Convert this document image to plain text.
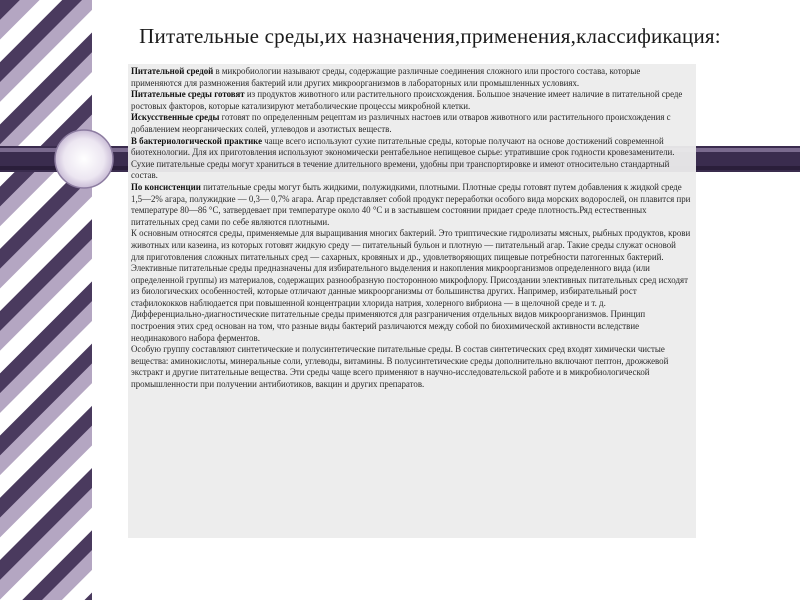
Питательные среды,их назначения,применения,классификация:

Питательной средой в микробиологии называют среды, содержащие различные соединения сложного или простого состава, которые применяются для размножения бактерий или других микроорганизмов в лабораторных или промышленных условиях.

Питательные среды готовят из продуктов животного или растительного происхождения. Большое значение имеет наличие в питательной среде ростовых факторов, которые катализируют метаболические процессы микробной клетки.

Искусственные среды готовят по определенным рецептам из различных настоев или отваров животного или растительного происхождения с добавлением неорганических солей, углеводов и азотистых веществ.

В бактериологической практике чаще всего используют сухие питательные среды, которые получают на основе достижений современной биотехнологии. Для их приготовления используют экономически рентабельное непищевое сырье: утратившие срок годности кровезаменители. Сухие питательные среды могут храниться в течение длительного времени, удобны при транспортировке и имеют относительно стандартный состав.

По консистенции питательные среды могут быть жидкими, полужидкими, плотными. Плотные среды готовят путем добавления к жидкой среде 1,5—2% агара, полужидкие — 0,3— 0,7% агара. Агар представляет собой продукт переработки особого вида морских водорослей, он плавится при температуре 80—86 °С, затвердевает при температуре около 40 °С и в застывшем состоянии придает среде плотность.Ряд естественных питательных сред сами по себе являются плотными.

К основным относятся среды, применяемые для выращивания многих бактерий. Это триптические гидролизаты мясных, рыбных продуктов, крови животных или казеина, из которых готовят жидкую среду — питательный бульон и плотную — питательный агар. Такие среды служат основой для приготовления сложных питательных сред — сахарных, кровяных и др., удовлетворяющих пищевые потребности патогенных бактерий.

Элективные питательные среды предназначены для избирательного выделения и накопления микроорганизмов определенного вида (или определенной группы) из материалов, содержащих разнообразную посторонною микрофлору. Присоздании элективных питательных сред исходят из биологических особенностей, которые отличают данные микроорганизмы от большинства других. Например, избирательный рост стафилококков наблюдается при повышенной концентрации хлорида натрия, холерного вибриона — в щелочной среде и т. д.

Дифференциально-диагностические питательные среды применяются для разграничения отдельных видов микроорганизмов. Принцип построения этих сред основан на том, что разные виды бактерий различаются между собой по биохимической активности вследствие неодинакового набора ферментов.

Особую группу составляют синтетические и полусинтетические питательные среды. В состав синтетических сред входят химически чистые вещества: аминокислоты, минеральные соли, углеводы, витамины. В полусинтетические среды дополнительно включают пептон, дрожжевой экстракт и другие питательные вещества. Эти среды чаще всего применяют в научно-исследовательской работе и в микробиологической промышленности при получении антибиотиков, вакцин и других препаратов.
